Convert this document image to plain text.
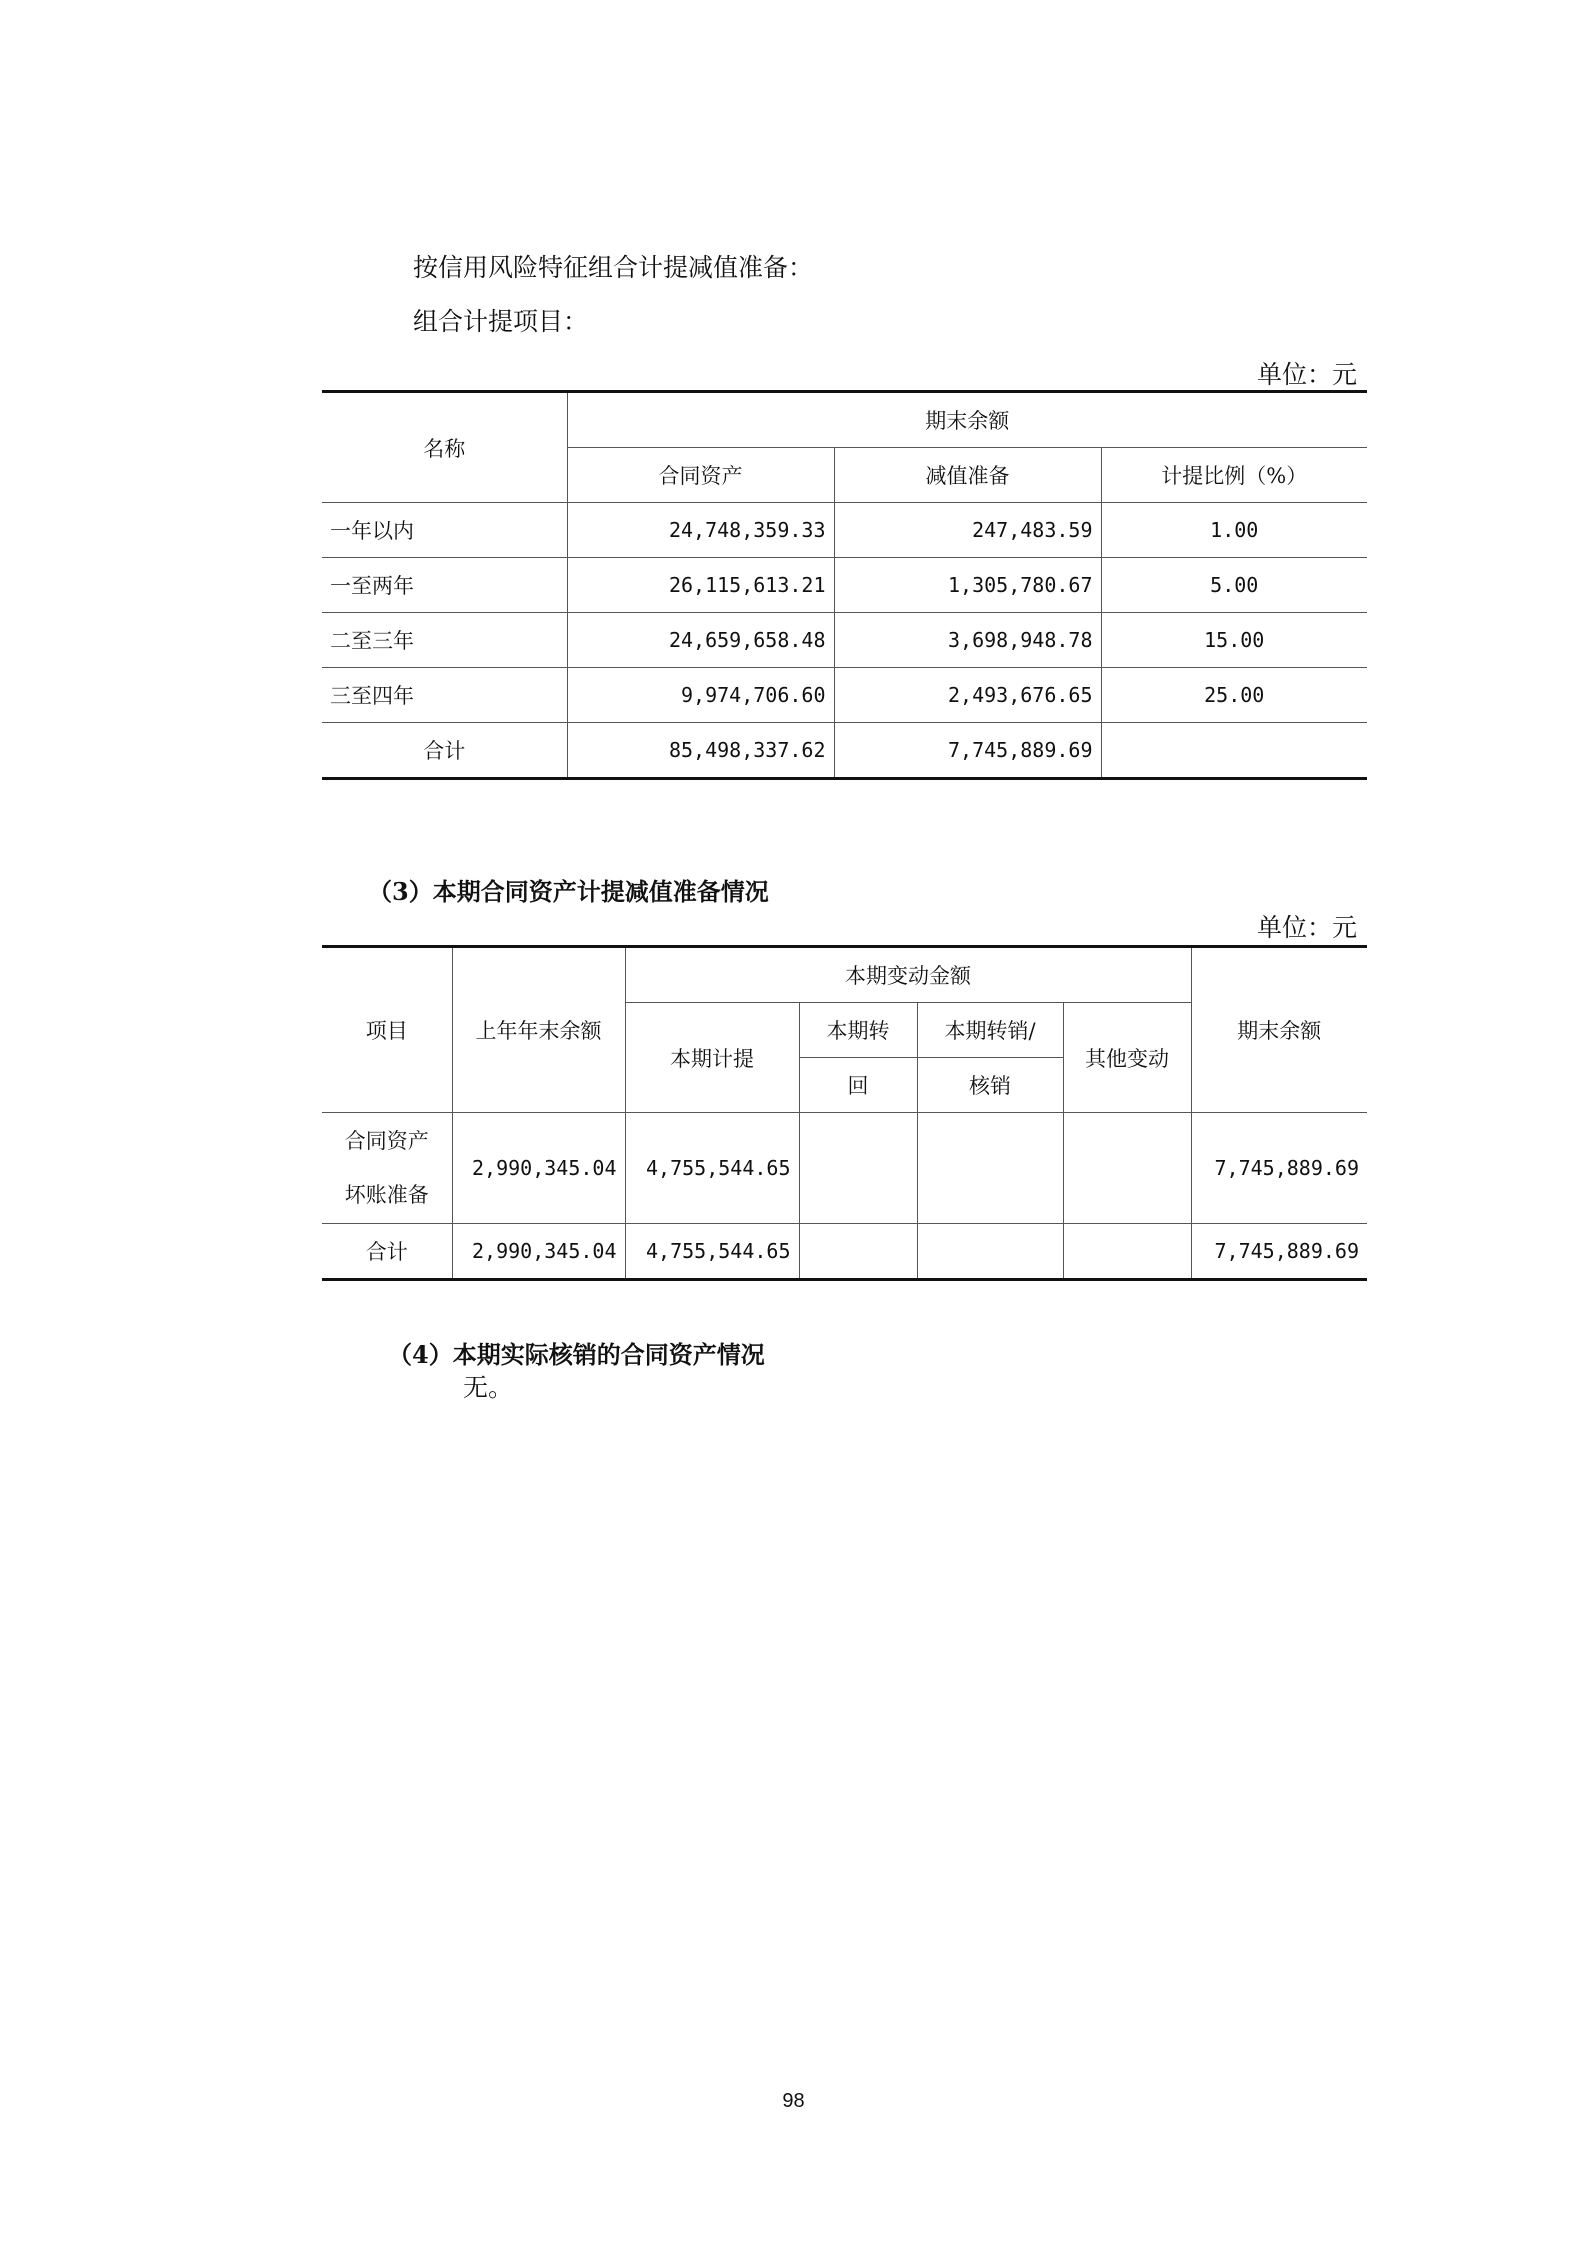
按信用风险特征组合计提减值准备：
组合计提项目：
单位：元
名称	期末余额		
	合同资产	减值准备	计提比例（%）
一年以内	24,748,359.33	247,483.59	1.00
一至两年	26,115,613.21	1,305,780.67	5.00
二至三年	24,659,658.48	3,698,948.78	15.00
三至四年	9,974,706.60	2,493,676.65	25.00
合计	85,498,337.62	7,745,889.69	
（3）本期合同资产计提减值准备情况
单位：元
项目	上年年末余额	本期变动金额				期末余额
		本期计提	本期转	本期转销/	其他变动	
			回	核销		

合同资产
坏账准备	2,990,345.04	4,755,544.65				7,745,889.69
合计	2,990,345.04	4,755,544.65				7,745,889.69
（4）本期实际核销的合同资产情况
无。
98
